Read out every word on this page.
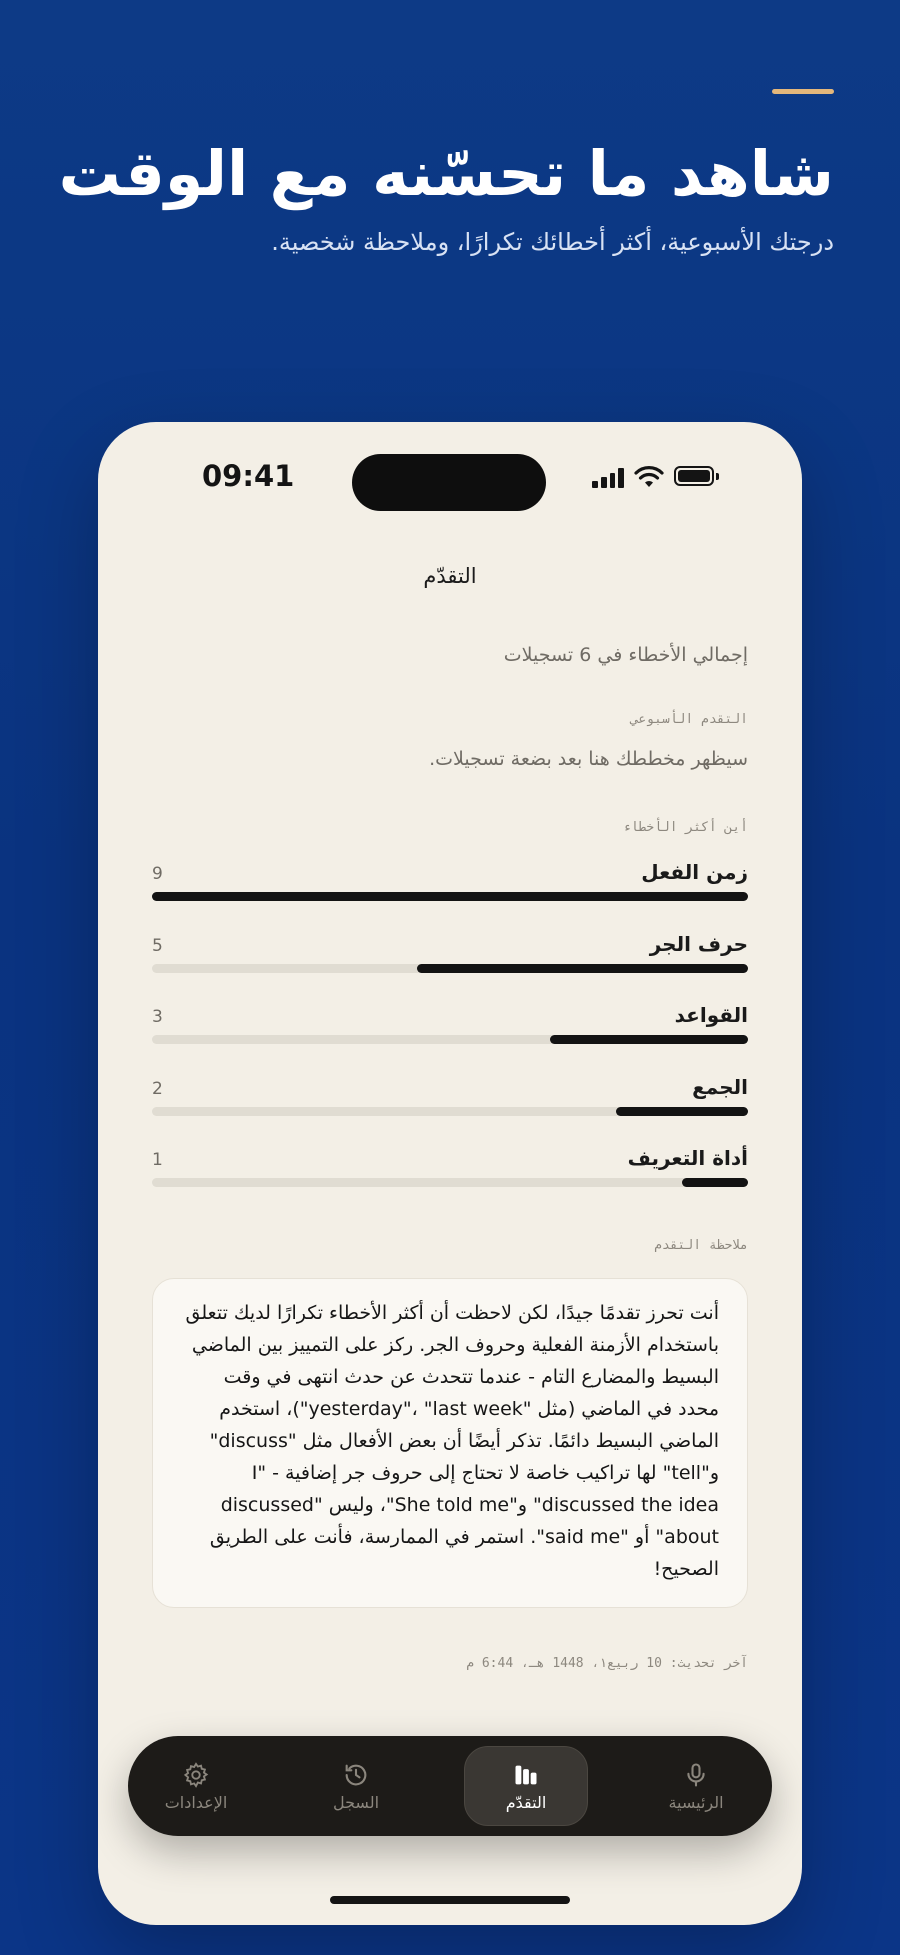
شاهد ما تحسّنه مع الوقت

درجتك الأسبوعية، أكثر أخطائك تكرارًا، وملاحظة شخصية.

09:41
التقدّم
إجمالي الأخطاء في 6 تسجيلات
التقدم الأسبوعي
سيظهر مخططك هنا بعد بضعة تسجيلات.
أين أكثر الأخطاء
9	زمن الفعل
5	حرف الجر
3	القواعد
2	الجمع
1	أداة التعريف
ملاحظة التقدم
أنت تحرز تقدمًا جيدًا، لكن لاحظت أن أكثر الأخطاء تكرارًا لديك تتعلق باستخدام الأزمنة الفعلية وحروف الجر. ركز على التمييز بين الماضي البسيط والمضارع التام - عندما تتحدث عن حدث انتهى في وقت محدد في الماضي (مثل "yesterday"، "last week")، استخدم الماضي البسيط دائمًا. تذكر أيضًا أن بعض الأفعال مثل "discuss" و"tell" لها تراكيب خاصة لا تحتاج إلى حروف جر إضافية - "I discussed the idea" و"She told me"، وليس "discussed about" أو "said me". استمر في الممارسة، فأنت على الطريق الصحيح!
آخر تحديث: 10 ربيع١، 1448 هـ، 6:44 م
الإعدادات	السجل	التقدّم	الرئيسية
